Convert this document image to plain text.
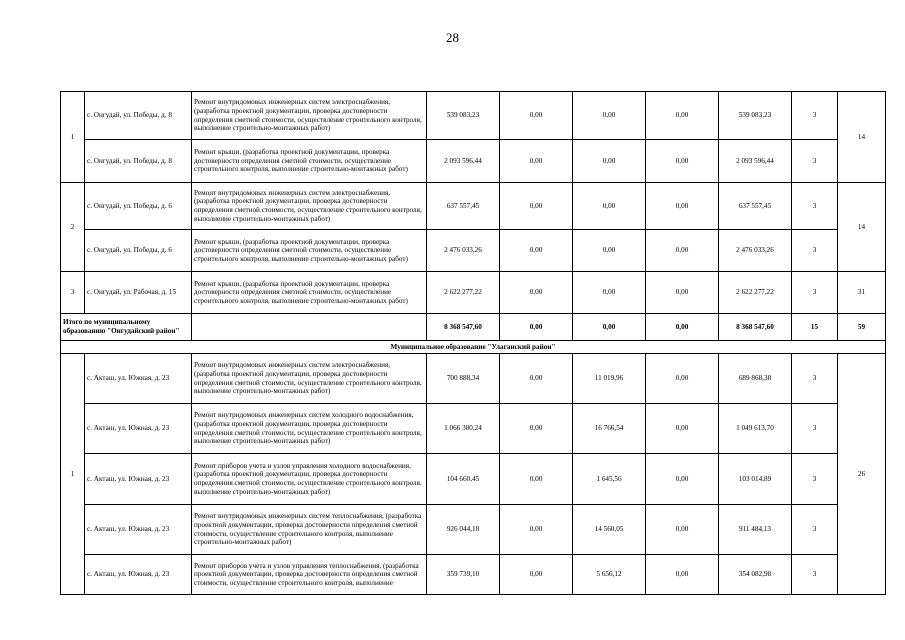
28
1	с. Онгудай, ул. Победы, д. 8	Ремонт внутридомовых инженерных систем электроснабжения, (разработка проектной документации, проверка достоверности определения сметной стоимости, осуществление строительного контроля, выполнение строительно-монтажных работ)	539 083,23	0,00	0,00	0,00	539 083,23	3	14
	с. Онгудай, ул. Победы, д. 8	Ремонт крыши, (разработка проектной документации, проверка достоверности определения сметной стоимости, осуществление строительного контроля, выполнение строительно-монтажных работ)	2 093 596,44	0,00	0,00	0,00	2 093 596,44	3	
2	с. Онгудай, ул. Победы, д. 6	Ремонт внутридомовых инженерных систем электроснабжения, (разработка проектной документации, проверка достоверности определения сметной стоимости, осуществление строительного контроля, выполнение строительно-монтажных работ)	637 557,45	0,00	0,00	0,00	637 557,45	3	14
	с. Онгудай, ул. Победы, д. 6	Ремонт крыши, (разработка проектной документации, проверка достоверности определения сметной стоимости, осуществление строительного контроля, выполнение строительно-монтажных работ)	2 476 033,26	0,00	0,00	0,00	2 476 033,26	3	
3	с. Онгудай, ул. Рабочая, д. 15	Ремонт крыши, (разработка проектной документации, проверка достоверности определения сметной стоимости, осуществление строительного контроля, выполнение строительно-монтажных работ)	2 622 277,22	0,00	0,00	0,00	2 622 277,22	3	31
Итого по муниципальному образованию "Онгудайский район"			8 368 547,60	0,00	0,00	0,00	8 368 547,60	15	59
Муниципальное образование "Улаганский район"									
1	с. Акташ, ул. Южная, д. 23	Ремонт внутридомовых инженерных систем электроснабжения, (разработка проектной документации, проверка достоверности определения сметной стоимости, осуществление строительного контроля, выполнение строительно-монтажных работ)	700 888,34	0,00	11 019,96	0,00	689 868,38	3	26
	с. Акташ, ул. Южная, д. 23	Ремонт внутридомовых инженерных систем холодного водоснабжения, (разработка проектной документации, проверка достоверности определения сметной стоимости, осуществление строительного контроля, выполнение строительно-монтажных работ)	1 066 380,24	0,00	16 766,54	0,00	1 049 613,70	3	
	с. Акташ, ул. Южная, д. 23	Ремонт приборов учета и узлов управления холодного водоснабжения, (разработка проектной документации, проверка достоверности определения сметной стоимости, осуществление строительного контроля, выполнение строительно-монтажных работ)	104 660,45	0,00	1 645,56	0,00	103 014,89	3	
	с. Акташ, ул. Южная, д. 23	Ремонт внутридомовых инженерных систем теплоснабжения, (разработка проектной документации, проверка достоверности определения сметной стоимости, осуществление строительного контроля, выполнение строительно-монтажных работ)	926 044,18	0,00	14 560,05	0,00	911 484,13	3	
	с. Акташ, ул. Южная, д. 23	Ремонт приборов учета и узлов управления теплоснабжения, (разработка проектной документации, проверка достоверности определения сметной стоимости, осуществление строительного контроля, выполнение	359 739,10	0,00	5 656,12	0,00	354 082,98	3	
